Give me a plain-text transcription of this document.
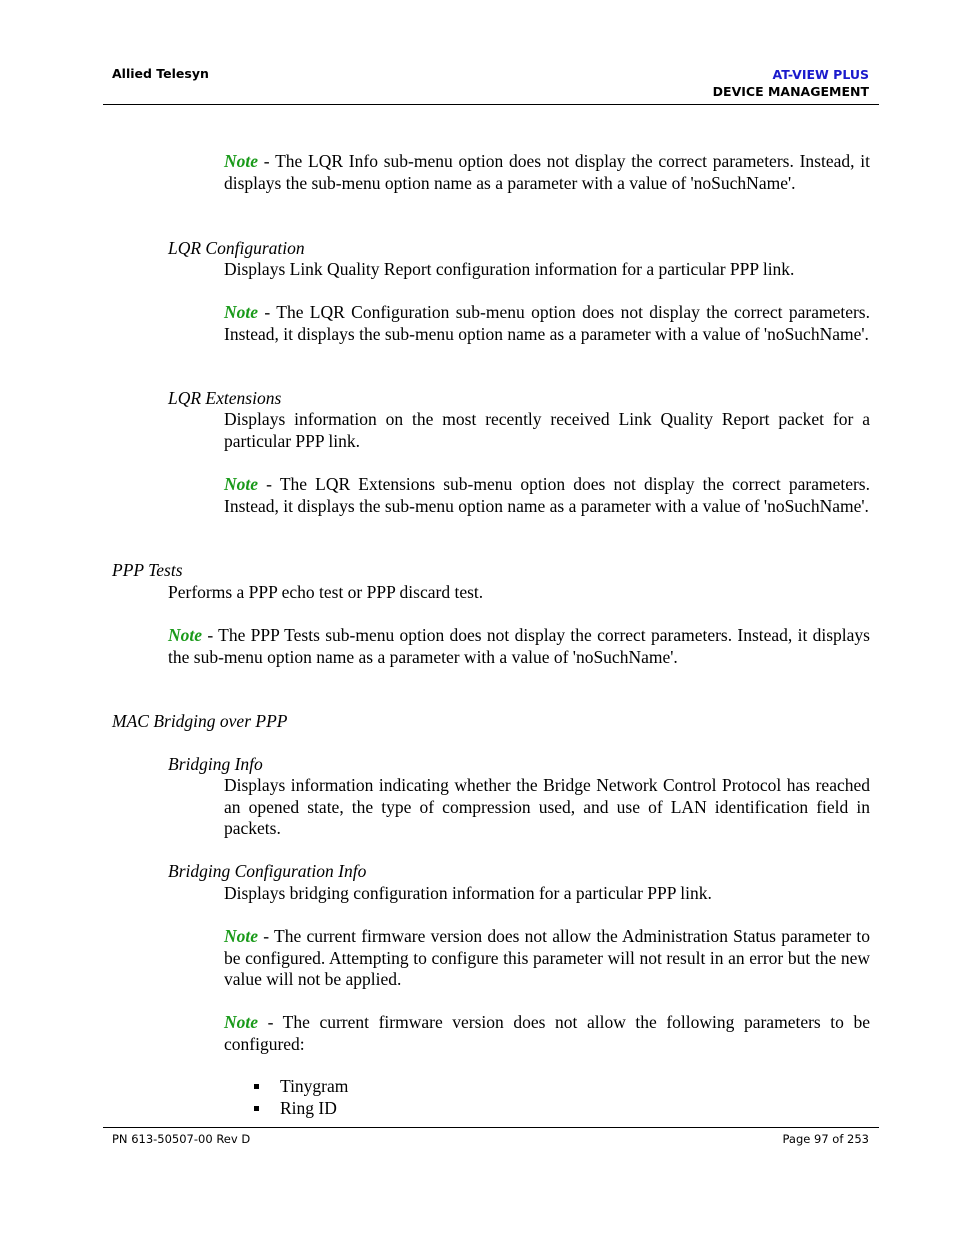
Allied Telesyn	AT-VIEW PLUS
DEVICE MANAGEMENT
Note - The LQR Info sub-menu option does not display the correct parameters. Instead, it displays the sub-menu option name as a parameter with a value of 'noSuchName'.
LQR Configuration
Displays Link Quality Report configuration information for a particular PPP link.
Note - The LQR Configuration sub-menu option does not display the correct parameters. Instead, it displays the sub-menu option name as a parameter with a value of 'noSuchName'.
LQR Extensions
Displays information on the most recently received Link Quality Report packet for a particular PPP link.
Note - The LQR Extensions sub-menu option does not display the correct parameters. Instead, it displays the sub-menu option name as a parameter with a value of 'noSuchName'.
PPP Tests
Performs a PPP echo test or PPP discard test.
Note - The PPP Tests sub-menu option does not display the correct parameters. Instead, it displays the sub-menu option name as a parameter with a value of 'noSuchName'.
MAC Bridging over PPP
Bridging Info
Displays information indicating whether the Bridge Network Control Protocol has reached an opened state, the type of compression used, and use of LAN identification field in packets.
Bridging Configuration Info
Displays bridging configuration information for a particular PPP link.
Note - The current firmware version does not allow the Administration Status parameter to be configured. Attempting to configure this parameter will not result in an error but the new value will not be applied.
Note - The current firmware version does not allow the following parameters to be configured:
Tinygram
Ring ID
PN 613-50507-00 Rev D	Page 97 of 253
